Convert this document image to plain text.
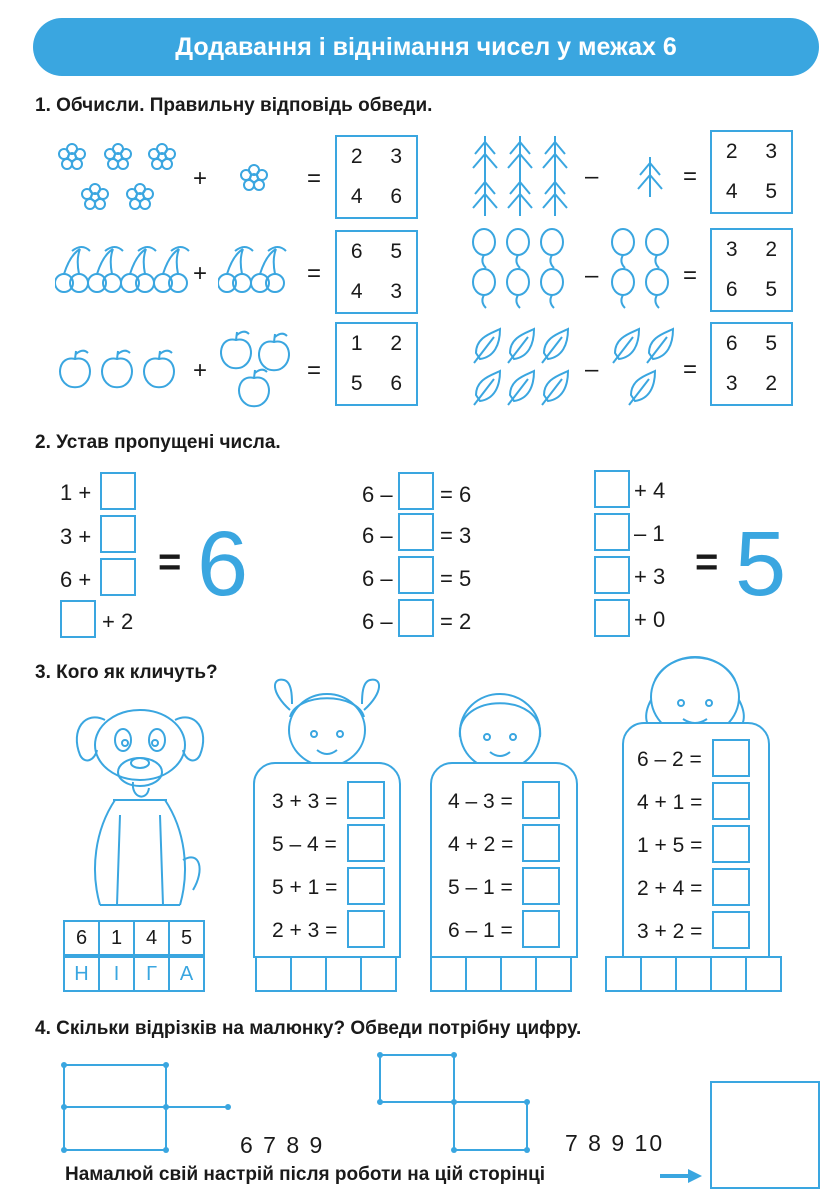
Додавання і віднімання чисел у межах 6
1. Обчисли. Правильну відповідь обведи.
+	=
2 3
4 6
+	=
6 5
4 3
+	=
1 2
5 6
–	=
2 3
4 5
–	=
3 2
6 5
–	=
6 5
3 2
2. Устав пропущені числа.
1 +
3 +
6 +
+ 2
= 6
6 – = 6
6 – = 3
6 – = 5
6 – = 2
+ 4
– 1
+ 3
+ 0
= 5
3. Кого як кличуть?
6	1	4	5
Н	І	Г	А
3 + 3 =
5 – 4 =
5 + 1 =
2 + 3 =
4 – 3 =
4 + 2 =
5 – 1 =
6 – 1 =
6 – 2 =
4 + 1 =
1 + 5 =
2 + 4 =
3 + 2 =
4. Скільки відрізків на малюнку? Обведи потрібну цифру.
6 7 8 9	7 8 9 10
Намалюй свій настрій після роботи на цій сторінці
